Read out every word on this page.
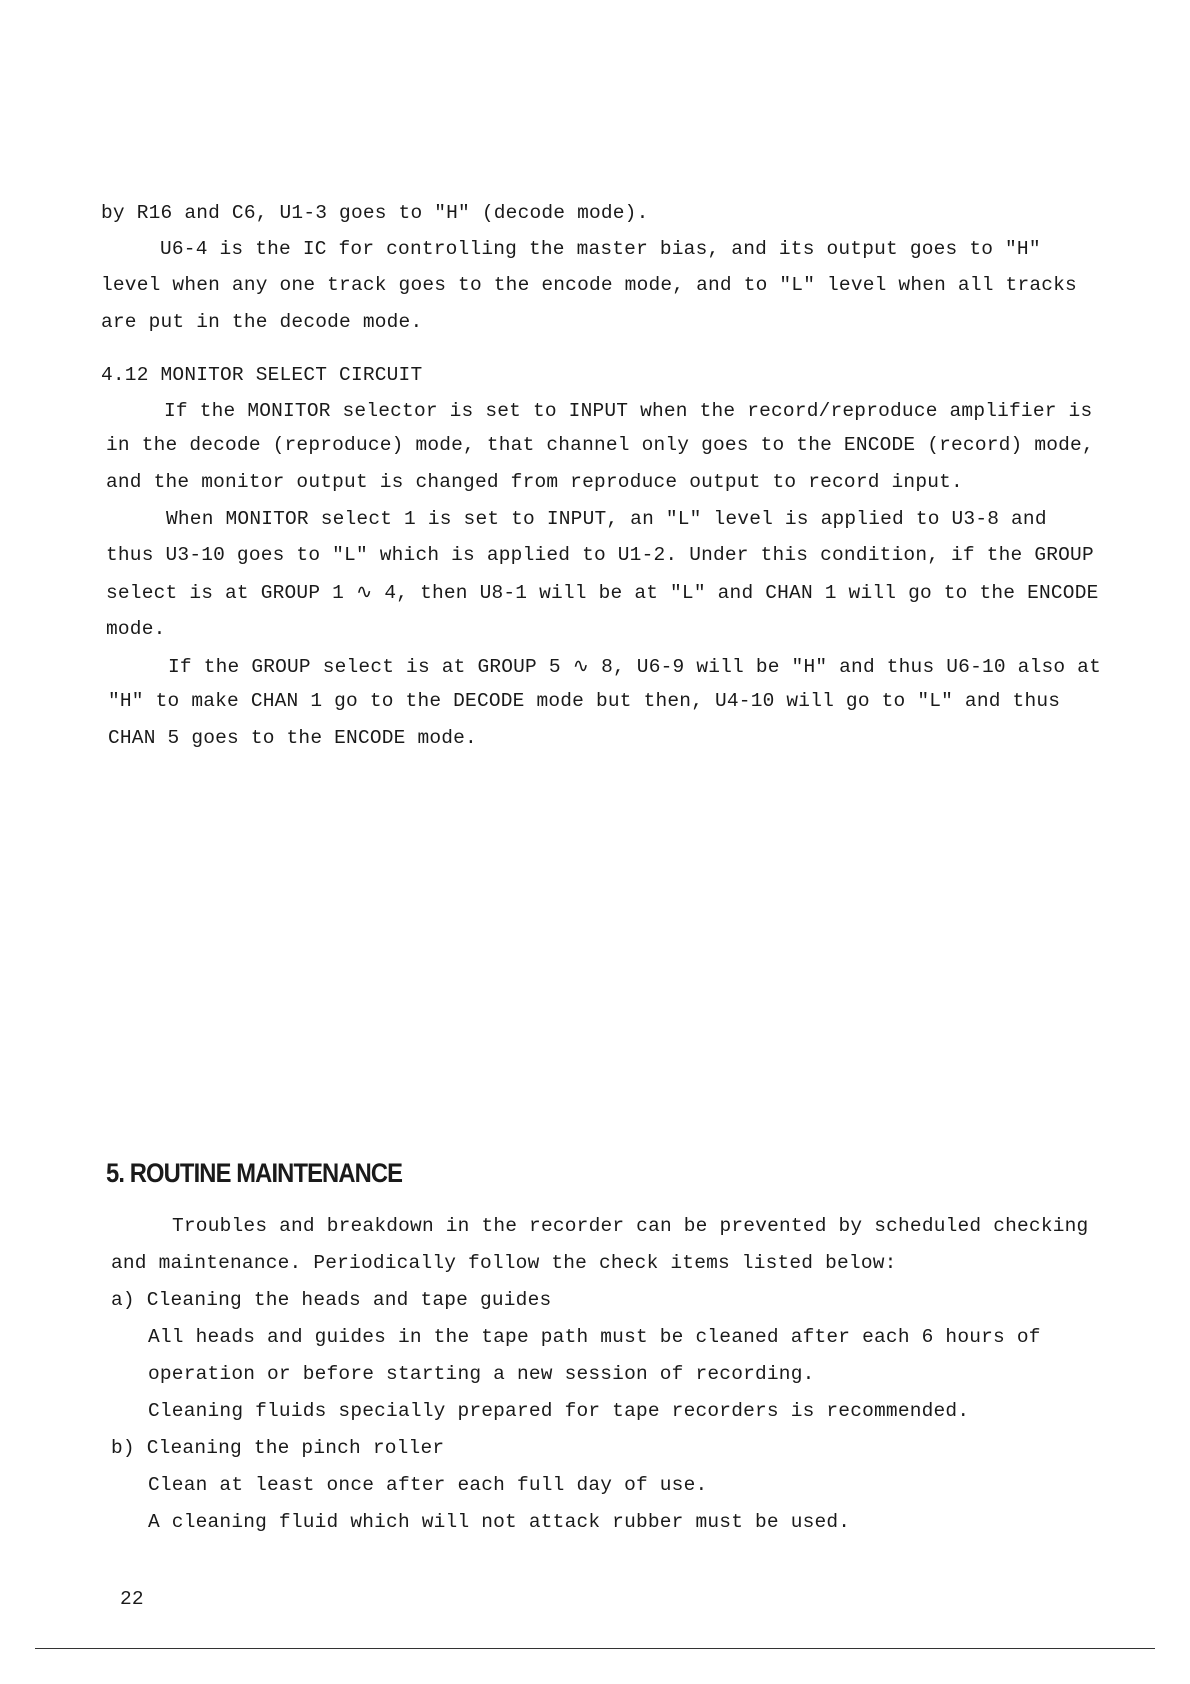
by R16 and C6, U1-3 goes to "H" (decode mode).
U6-4 is the IC for controlling the master bias, and its output goes to "H"
level when any one track goes to the encode mode, and to "L" level when all tracks
are put in the decode mode.
4.12 MONITOR SELECT CIRCUIT
If the MONITOR selector is set to INPUT when the record/reproduce amplifier is
in the decode (reproduce) mode, that channel only goes to the ENCODE (record) mode,
and the monitor output is changed from reproduce output to record input.
When MONITOR select 1 is set to INPUT, an "L" level is applied to U3-8 and
thus U3-10 goes to "L" which is applied to U1-2. Under this condition, if the GROUP
select is at GROUP 1 ∿ 4, then U8-1 will be at "L" and CHAN 1 will go to the ENCODE
mode.
If the GROUP select is at GROUP 5 ∿ 8, U6-9 will be "H" and thus U6-10 also at
"H" to make CHAN 1 go to the DECODE mode but then, U4-10 will go to "L" and thus
CHAN 5 goes to the ENCODE mode.
5. ROUTINE MAINTENANCE
Troubles and breakdown in the recorder can be prevented by scheduled checking
and maintenance. Periodically follow the check items listed below:
a) Cleaning the heads and tape guides
All heads and guides in the tape path must be cleaned after each 6 hours of
operation or before starting a new session of recording.
Cleaning fluids specially prepared for tape recorders is recommended.
b) Cleaning the pinch roller
Clean at least once after each full day of use.
A cleaning fluid which will not attack rubber must be used.
22
